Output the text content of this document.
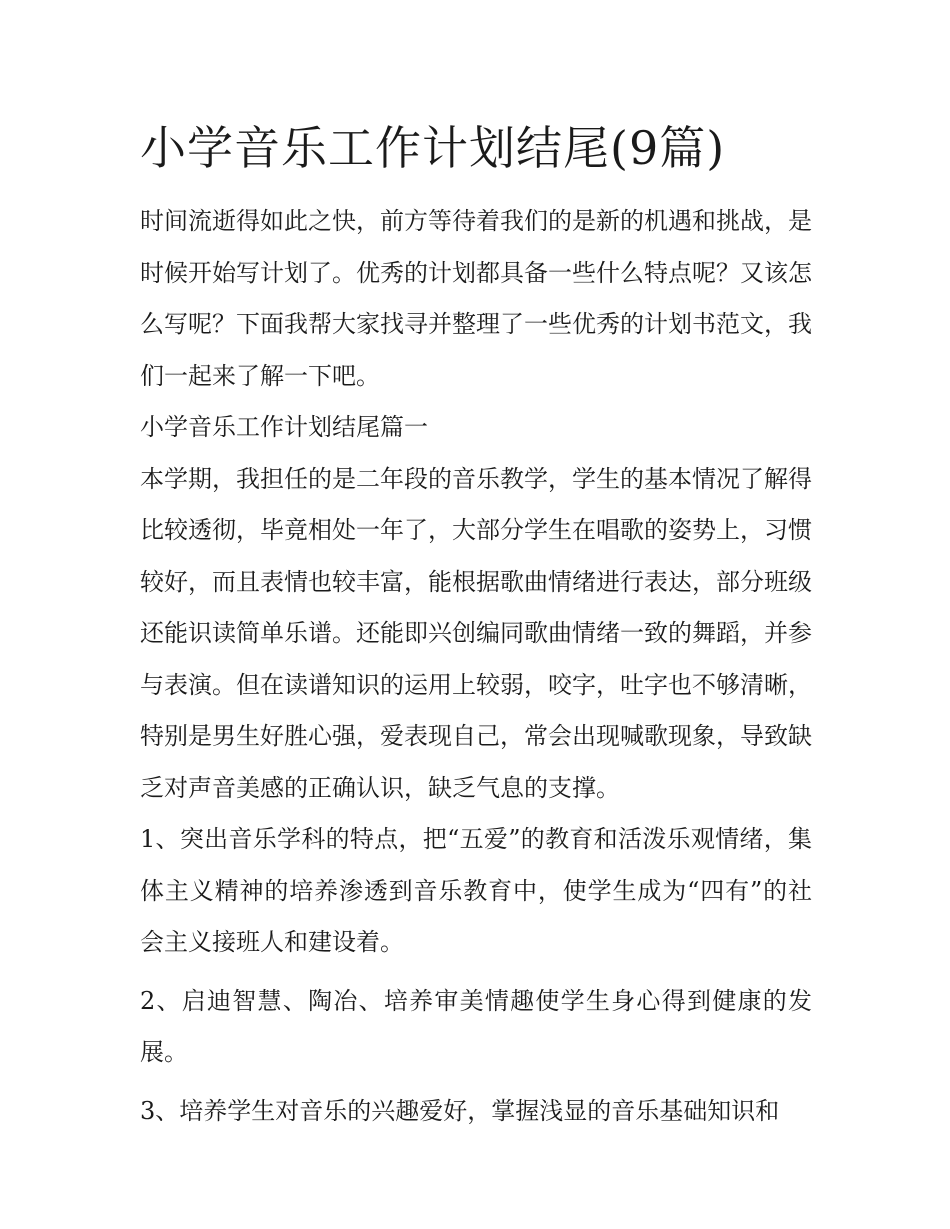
小学音乐工作计划结尾(9篇)

时间流逝得如此之快，前方等待着我们的是新的机遇和挑战，是时候开始写计划了。优秀的计划都具备一些什么特点呢？又该怎么写呢？下面我帮大家找寻并整理了一些优秀的计划书范文，我们一起来了解一下吧。

小学音乐工作计划结尾篇一

本学期，我担任的是二年段的音乐教学，学生的基本情况了解得比较透彻，毕竟相处一年了，大部分学生在唱歌的姿势上，习惯较好，而且表情也较丰富，能根据歌曲情绪进行表达，部分班级还能识读简单乐谱。还能即兴创编同歌曲情绪一致的舞蹈，并参与表演。但在读谱知识的运用上较弱，咬字，吐字也不够清晰，特别是男生好胜心强，爱表现自己，常会出现喊歌现象，导致缺乏对声音美感的正确认识，缺乏气息的支撑。

1、突出音乐学科的特点，把“五爱”的教育和活泼乐观情绪，集体主义精神的培养渗透到音乐教育中，使学生成为“四有”的社会主义接班人和建设着。

2、启迪智慧、陶冶、培养审美情趣使学生身心得到健康的发展。

3、培养学生对音乐的兴趣爱好，掌握浅显的音乐基础知识和
